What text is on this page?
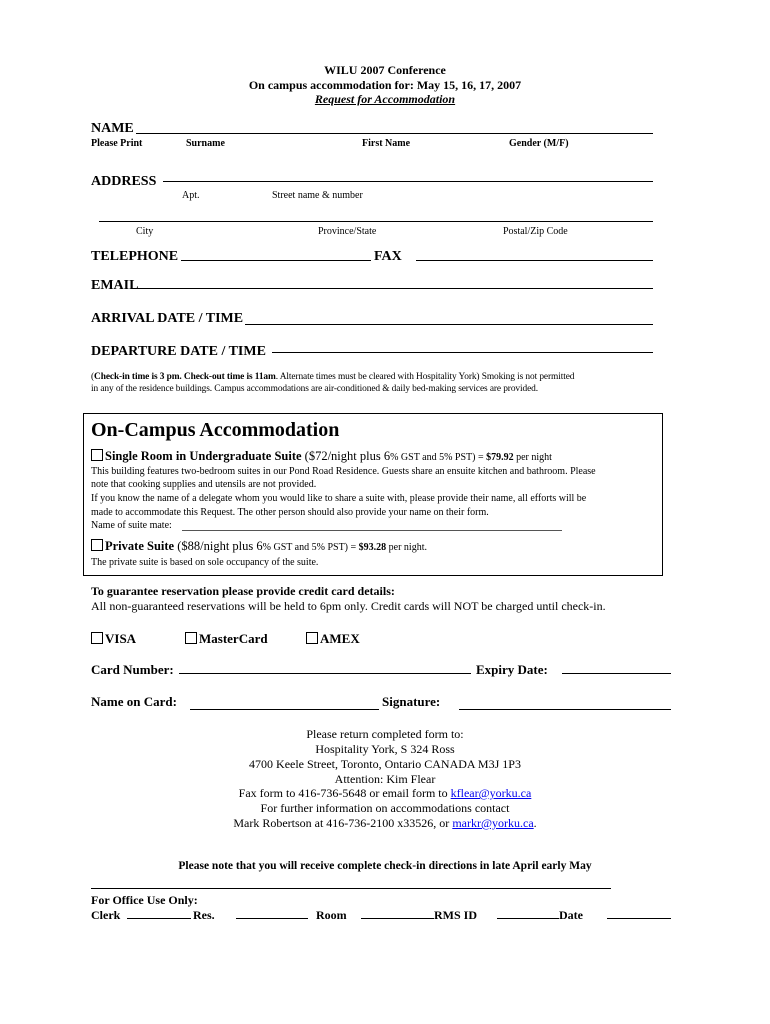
WILU 2007 Conference
On campus accommodation for: May 15, 16, 17, 2007
Request for Accommodation
NAME
Please Print	Surname	First Name	Gender (M/F)
ADDRESS
Apt.	Street name & number
City	Province/State	Postal/Zip Code
TELEPHONE	FAX
EMAIL
ARRIVAL DATE / TIME
DEPARTURE DATE / TIME
(Check-in time is 3 pm. Check-out time is 11am. Alternate times must be cleared with Hospitality York) Smoking is not permitted
in any of the residence buildings. Campus accommodations are air-conditioned & daily bed-making services are provided.
On-Campus Accommodation
Single Room in Undergraduate Suite ($72/night plus 6% GST and 5% PST) = $79.92 per night
This building features two-bedroom suites in our Pond Road Residence. Guests share an ensuite kitchen and bathroom. Please
note that cooking supplies and utensils are not provided.
If you know the name of a delegate whom you would like to share a suite with, please provide their name, all efforts will be
made to accommodate this Request. The other person should also provide your name on their form.
Name of suite mate:
Private Suite ($88/night plus 6% GST and 5% PST) = $93.28 per night.
The private suite is based on sole occupancy of the suite.
To guarantee reservation please provide credit card details:
All non-guaranteed reservations will be held to 6pm only. Credit cards will NOT be charged until check-in.
VISA	MasterCard	AMEX
Card Number:	Expiry Date:
Name on Card:	Signature:
Please return completed form to:
Hospitality York, S 324 Ross
4700 Keele Street, Toronto, Ontario CANADA M3J 1P3
Attention: Kim Flear
Fax form to 416-736-5648 or email form to kflear@yorku.ca
For further information on accommodations contact
Mark Robertson at 416-736-2100 x33526, or markr@yorku.ca.
Please note that you will receive complete check-in directions in late April early May
For Office Use Only:
Clerk	Res.	Room	RMS ID	Date
